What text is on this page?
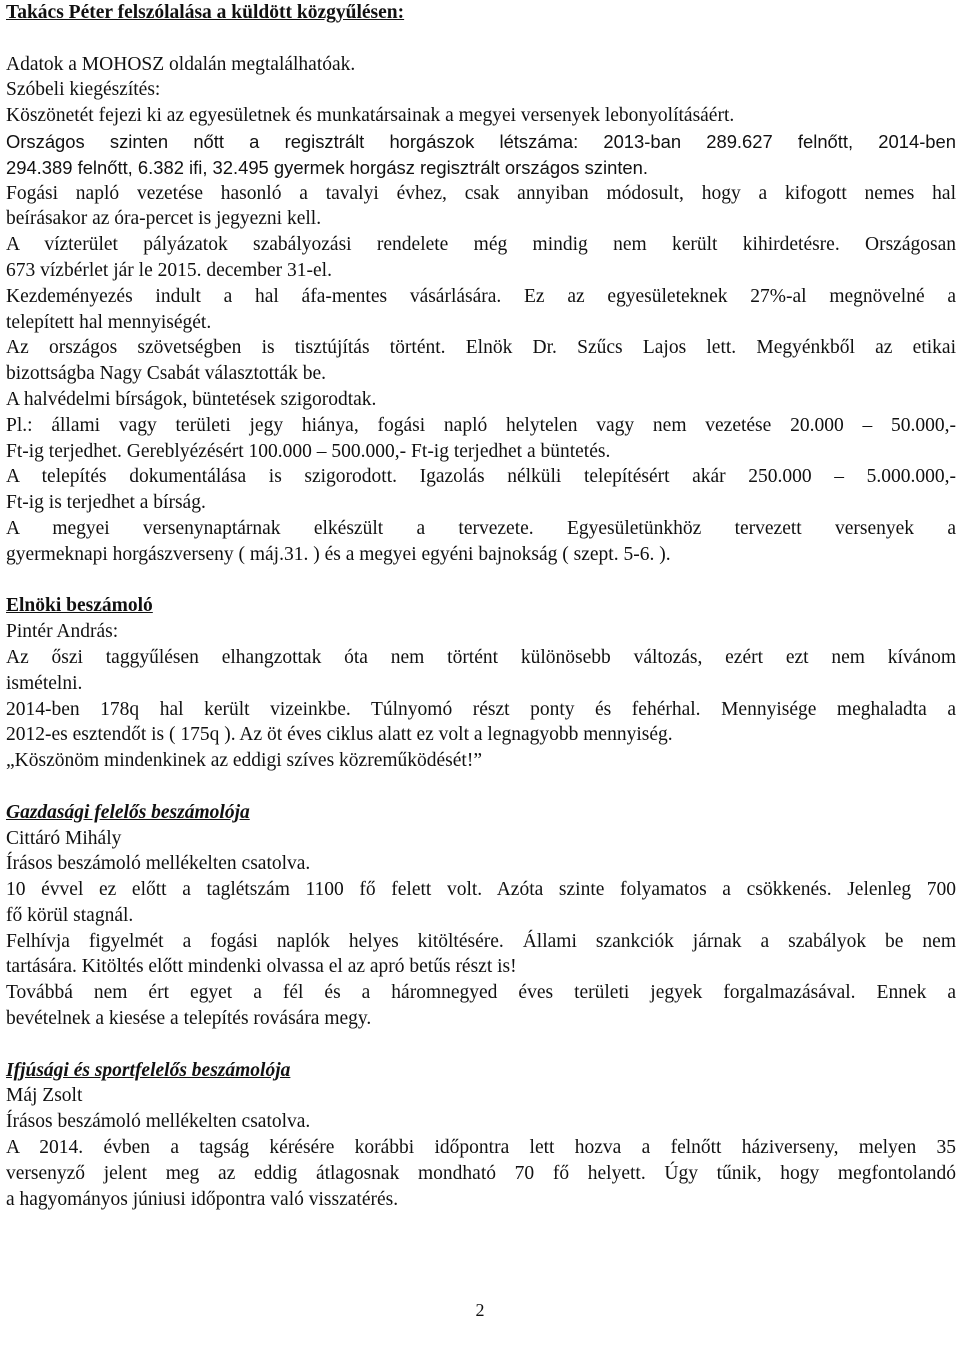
Takács Péter felszólalása a küldött közgyűlésen:
Adatok a MOHOSZ oldalán megtalálhatóak.
Szóbeli kiegészítés:
Köszönetét fejezi ki az egyesületnek és munkatársainak a megyei versenyek lebonyolításáért.
Országos szinten nőtt a regisztrált horgászok létszáma: 2013-ban 289.627 felnőtt, 2014-ben
294.389 felnőtt, 6.382 ifi, 32.495 gyermek horgász regisztrált országos szinten.
Fogási napló vezetése hasonló a tavalyi évhez, csak annyiban módosult, hogy a kifogott nemes hal
beírásakor az óra-percet is jegyezni kell.
A vízterület pályázatok szabályozási rendelete még mindig nem került kihirdetésre. Országosan
673 vízbérlet jár le 2015. december 31-el.
Kezdeményezés indult a hal áfa-mentes vásárlására. Ez az egyesületeknek 27%-al megnövelné a
telepített hal mennyiségét.
Az országos szövetségben is tisztújítás történt. Elnök Dr. Szűcs Lajos lett. Megyénkből az etikai
bizottságba Nagy Csabát választották be.
A halvédelmi bírságok, büntetések szigorodtak.
Pl.: állami vagy területi jegy hiánya, fogási napló helytelen vagy nem vezetése 20.000 – 50.000,-
Ft-ig terjedhet. Gereblyézésért 100.000 – 500.000,- Ft-ig terjedhet a büntetés.
A telepítés dokumentálása is szigorodott. Igazolás nélküli telepítésért akár 250.000 – 5.000.000,-
Ft-ig is terjedhet a bírság.
A megyei versenynaptárnak elkészült a tervezete. Egyesületünkhöz tervezett versenyek a
gyermeknapi horgászverseny ( máj.31. ) és a megyei egyéni bajnokság ( szept. 5-6. ).
Elnöki beszámoló
Pintér András:
Az őszi taggyűlésen elhangzottak óta nem történt különösebb változás, ezért ezt nem kívánom
ismételni.
2014-ben 178q hal került vizeinkbe. Túlnyomó részt ponty és fehérhal. Mennyisége meghaladta a
2012-es esztendőt is ( 175q ). Az öt éves ciklus alatt ez volt a legnagyobb mennyiség.
„Köszönöm mindenkinek az eddigi szíves közreműködését!”
Gazdasági felelős beszámolója
Cittáró Mihály
Írásos beszámoló mellékelten csatolva.
10 évvel ez előtt a taglétszám 1100 fő felett volt. Azóta szinte folyamatos a csökkenés. Jelenleg 700
fő körül stagnál.
Felhívja figyelmét a fogási naplók helyes kitöltésére. Állami szankciók járnak a szabályok be nem
tartására. Kitöltés előtt mindenki olvassa el az apró betűs részt is!
Továbbá nem ért egyet a fél és a háromnegyed éves területi jegyek forgalmazásával. Ennek a
bevételnek a kiesése a telepítés rovására megy.
Ifjúsági és sportfelelős beszámolója
Máj Zsolt
Írásos beszámoló mellékelten csatolva.
A 2014. évben a tagság kérésére korábbi időpontra lett hozva a felnőtt háziverseny, melyen 35
versenyző jelent meg az eddig átlagosnak mondható 70 fő helyett. Úgy tűnik, hogy megfontolandó
a hagyományos júniusi időpontra való visszatérés.
2
